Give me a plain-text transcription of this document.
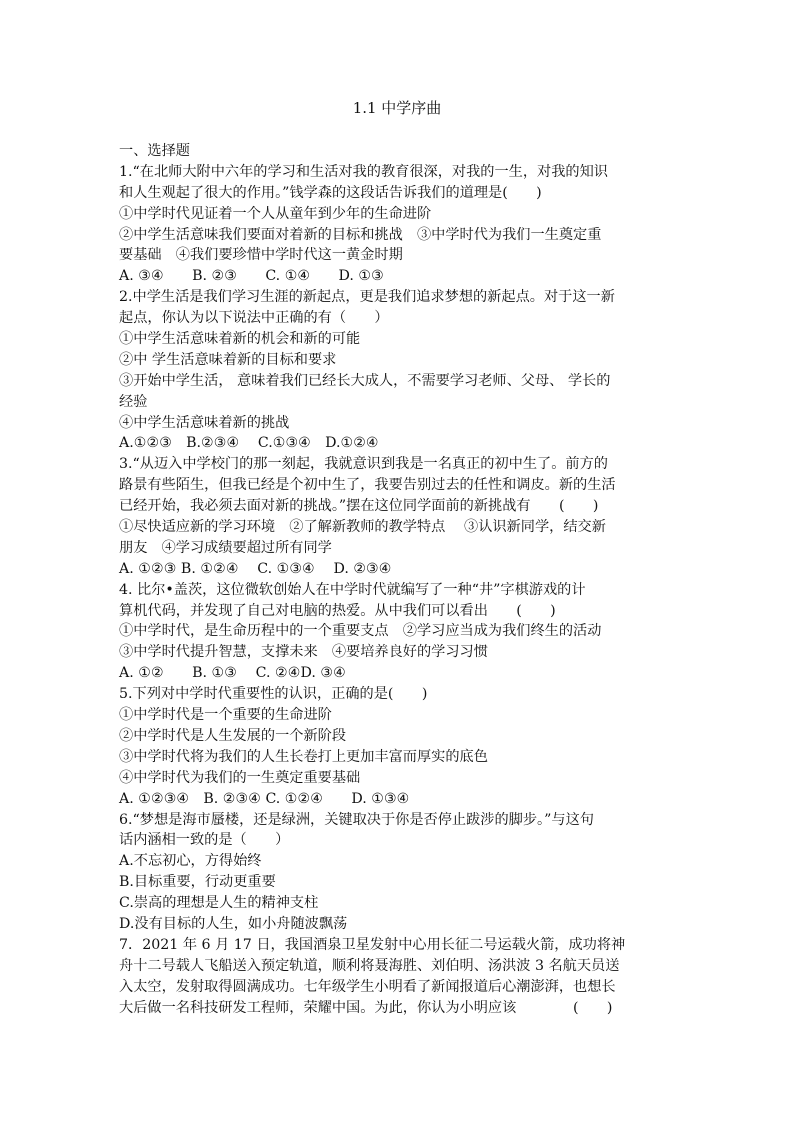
1.1 中学序曲
一、选择题
1.“在北师大附中六年的学习和生活对我的教育很深，对我的一生，对我的知识
和人生观起了很大的作用。”钱学森的这段话告诉我们的道理是(　　)
①中学时代见证着一个人从童年到少年的生命进阶
②中学生活意味我们要面对着新的目标和挑战　③中学时代为我们一生奠定重
要基础　④我们要珍惜中学时代这一黄金时期
A. ③④　　B. ②③　　C. ①④　　D. ①③
2.中学生活是我们学习生涯的新起点，更是我们追求梦想的新起点。对于这一新
起点，你认为以下说法中正确的有（　　）
①中学生活意味着新的机会和新的可能
②中 学生活意味着新的目标和要求
③开始中学生活， 意味着我们已经长大成人，不需要学习老师、父母、 学长的
经验
④中学生活意味着新的挑战
A.①②③　B.②③④　 C.①③④　D.①②④
3.“从迈入中学校门的那一刻起，我就意识到我是一名真正的初中生了。前方的
路景有些陌生，但我已经是个初中生了，我要告别过去的任性和调皮。新的生活
已经开始，我必须去面对新的挑战。”摆在这位同学面前的新挑战有　　(　　)
①尽快适应新的学习环境　②了解新教师的教学特点　 ③认识新同学，结交新
朋友　④学习成绩要超过所有同学
A. ①②③ B. ①②④　 C. ①③④　 D. ②③④
4. 比尔•盖茨，这位微软创始人在中学时代就编写了一种“井”字棋游戏的计
算机代码，并发现了自己对电脑的热爱。从中我们可以看出　　(　　)
①中学时代，是生命历程中的一个重要支点　②学习应当成为我们终生的活动
③中学时代提升智慧，支撑未来　④要培养良好的学习习惯
A. ①②　　B. ①③　 C. ②④D. ③④
5.下列对中学时代重要性的认识，正确的是(　　)
①中学时代是一个重要的生命进阶
②中学时代是人生发展的一个新阶段
③中学时代将为我们的人生长卷打上更加丰富而厚实的底色
④中学时代为我们的一生奠定重要基础
A. ①②③④　B. ②③④ C. ①②④　　D. ①③④
6.“梦想是海市蜃楼，还是绿洲，关键取决于你是否停止跋涉的脚步。”与这句
话内涵相一致的是（　　）
A.不忘初心，方得始终
B.目标重要，行动更重要
C.崇高的理想是人生的精神支柱
D.没有目标的人生，如小舟随波飘荡
7．2021 年 6 月 17 日，我国酒泉卫星发射中心用长征二号运载火箭，成功将神
舟十二号载人飞船送入预定轨道，顺利将聂海胜、刘伯明、汤洪波 3 名航天员送
入太空，发射取得圆满成功。七年级学生小明看了新闻报道后心潮澎湃，也想长
大后做一名科技研发工程师，荣耀中国。为此，你认为小明应该　　　　(　　)
